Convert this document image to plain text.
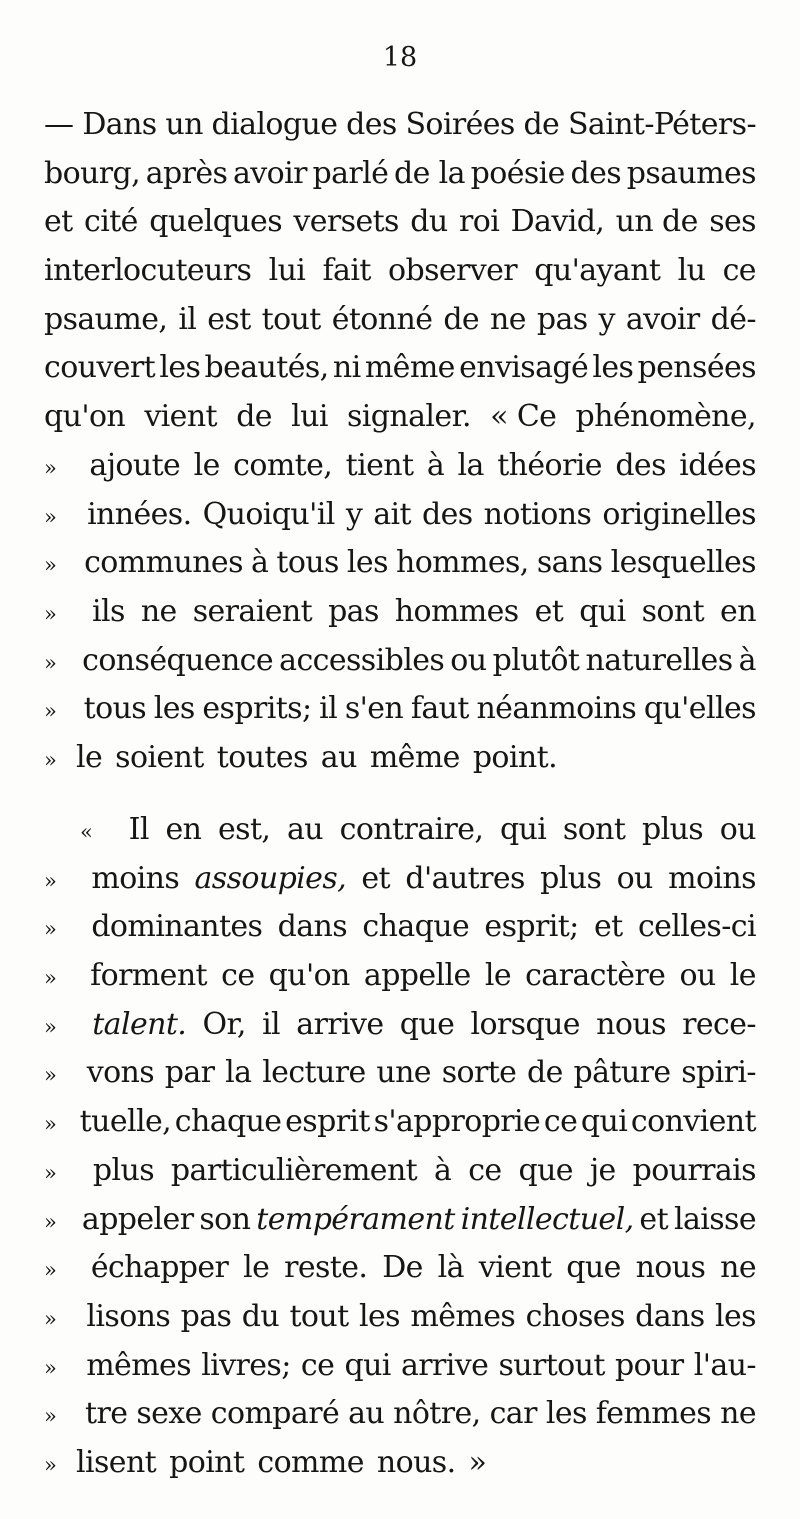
18
— Dans un dialogue des Soirées de Saint-Péters-
bourg, après avoir parlé de la poésie des psaumes
et cité quelques versets du roi David, un de ses
interlocuteurs lui fait observer qu'ayant lu ce
psaume, il est tout étonné de ne pas y avoir dé-
couvert les beautés, ni même envisagé les pensées
qu'on vient de lui signaler. « Ce phénomène,
»	ajoute le comte, tient à la théorie des idées
»	innées. Quoiqu'il y ait des notions originelles
» communes à tous les hommes, sans lesquelles
»	ils ne seraient pas hommes et qui sont en
» conséquence accessibles ou plutôt naturelles à
» tous les esprits; il s'en faut néanmoins qu'elles
» le soient toutes au même point.
«	Il en est, au contraire, qui sont plus ou
»	moins assoupies, et d'autres plus ou moins
»	dominantes dans chaque esprit; et celles-ci
»	forment ce qu'on appelle le caractère ou le
»	talent. Or, il arrive que lorsque nous rece-
» vons par la lecture une sorte de pâture spiri-
» tuelle, chaque esprit s'approprie ce qui convient
»	plus particulièrement à ce que je pourrais
» appeler son tempérament intellectuel, et laisse
»	échapper le reste. De là vient que nous ne
» lisons pas du tout les mêmes choses dans les
» mêmes livres; ce qui arrive surtout pour l'au-
» tre sexe comparé au nôtre, car les femmes ne
» lisent point comme nous. »
